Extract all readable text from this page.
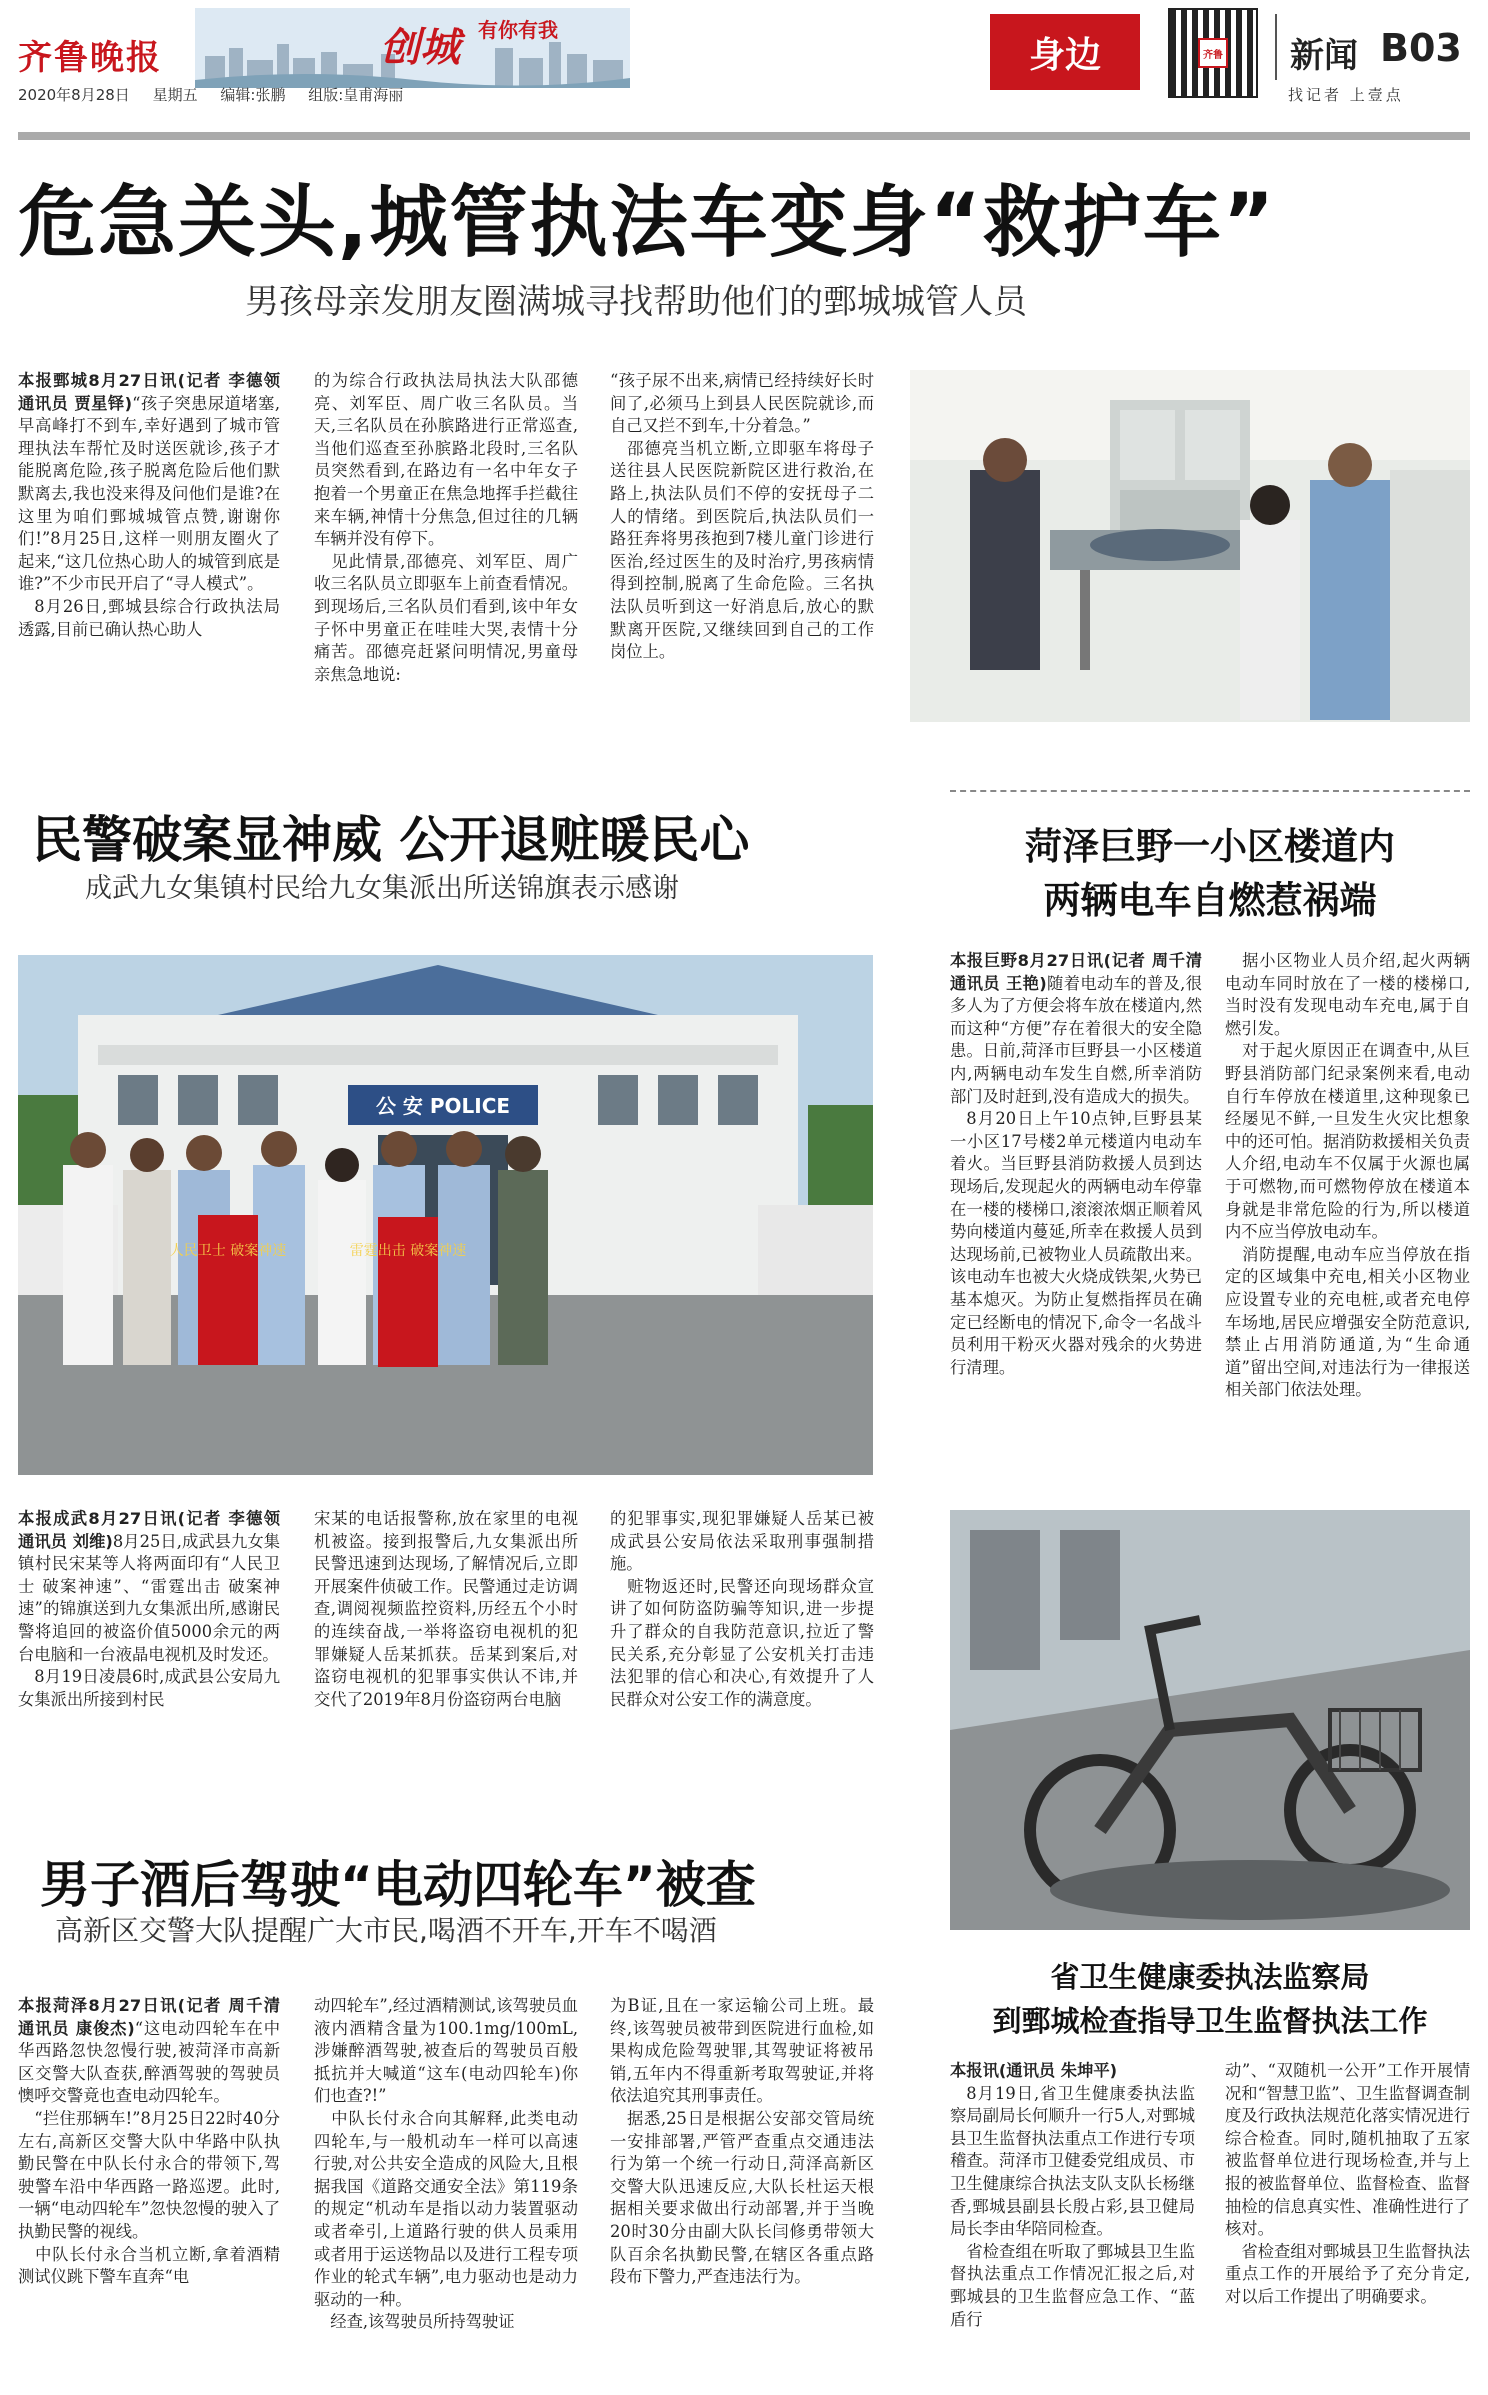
齐鲁晚报	创城 有你有我
2020年8月28日 星期五 编辑:张鹏 组版:皇甫海丽
身边	齐鲁 新闻 B03
找记者 上壹点
危急关头,城管执法车变身“救护车”
男孩母亲发朋友圈满城寻找帮助他们的鄄城城管人员
本报鄄城8月27日讯(记者 李德领 通讯员 贾星铎)“孩子突患尿道堵塞,早高峰打不到车,幸好遇到了城市管理执法车帮忙及时送医就诊,孩子才能脱离危险,孩子脱离危险后他们默默离去,我也没来得及问他们是谁?在这里为咱们鄄城城管点赞,谢谢你们!”8月25日,这样一则朋友圈火了起来,“这几位热心助人的城管到底是谁?”不少市民开启了“寻人模式”。
 8月26日,鄄城县综合行政执法局透露,目前已确认热心助人
的为综合行政执法局执法大队邵德亮、刘军臣、周广收三名队员。当天,三名队员在孙膑路进行正常巡查,当他们巡查至孙膑路北段时,三名队员突然看到,在路边有一名中年女子抱着一个男童正在焦急地挥手拦截往来车辆,神情十分焦急,但过往的几辆车辆并没有停下。
 见此情景,邵德亮、刘军臣、周广收三名队员立即驱车上前查看情况。到现场后,三名队员们看到,该中年女子怀中男童正在哇哇大哭,表情十分痛苦。邵德亮赶紧问明情况,男童母亲焦急地说:
“孩子尿不出来,病情已经持续好长时间了,必须马上到县人民医院就诊,而自己又拦不到车,十分着急。”
 邵德亮当机立断,立即驱车将母子送往县人民医院新院区进行救治,在路上,执法队员们不停的安抚母子二人的情绪。到医院后,执法队员们一路狂奔将男孩抱到7楼儿童门诊进行医治,经过医生的及时治疗,男孩病情得到控制,脱离了生命危险。三名执法队员听到这一好消息后,放心的默默离开医院,又继续回到自己的工作岗位上。
民警破案显神威 公开退赃暖民心
成武九女集镇村民给九女集派出所送锦旗表示感谢
公 安 POLICE
人民卫士 破案神速	雷霆出击 破案神速
本报成武8月27日讯(记者 李德领 通讯员 刘维)8月25日,成武县九女集镇村民宋某等人将两面印有“人民卫士 破案神速”、“雷霆出击 破案神速”的锦旗送到九女集派出所,感谢民警将追回的被盗价值5000余元的两台电脑和一台液晶电视机及时发还。
 8月19日凌晨6时,成武县公安局九女集派出所接到村民
宋某的电话报警称,放在家里的电视机被盗。接到报警后,九女集派出所民警迅速到达现场,了解情况后,立即开展案件侦破工作。民警通过走访调查,调阅视频监控资料,历经五个小时的连续奋战,一举将盗窃电视机的犯罪嫌疑人岳某抓获。岳某到案后,对盗窃电视机的犯罪事实供认不讳,并交代了2019年8月份盗窃两台电脑
的犯罪事实,现犯罪嫌疑人岳某已被成武县公安局依法采取刑事强制措施。
 赃物返还时,民警还向现场群众宣讲了如何防盗防骗等知识,进一步提升了群众的自我防范意识,拉近了警民关系,充分彰显了公安机关打击违法犯罪的信心和决心,有效提升了人民群众对公安工作的满意度。
菏泽巨野一小区楼道内
两辆电车自燃惹祸端
本报巨野8月27日讯(记者 周千清 通讯员 王艳)随着电动车的普及,很多人为了方便会将车放在楼道内,然而这种“方便”存在着很大的安全隐患。日前,菏泽市巨野县一小区楼道内,两辆电动车发生自燃,所幸消防部门及时赶到,没有造成大的损失。
 8月20日上午10点钟,巨野县某一小区17号楼2单元楼道内电动车着火。当巨野县消防救援人员到达现场后,发现起火的两辆电动车停靠在一楼的楼梯口,滚滚浓烟正顺着风势向楼道内蔓延,所幸在救援人员到达现场前,已被物业人员疏散出来。该电动车也被大火烧成铁架,火势已基本熄灭。为防止复燃指挥员在确定已经断电的情况下,命令一名战斗员利用干粉灭火器对残余的火势进行清理。
 据小区物业人员介绍,起火两辆电动车同时放在了一楼的楼梯口,当时没有发现电动车充电,属于自燃引发。
 对于起火原因正在调查中,从巨野县消防部门纪录案例来看,电动自行车停放在楼道里,这种现象已经屡见不鲜,一旦发生火灾比想象中的还可怕。据消防救援相关负责人介绍,电动车不仅属于火源也属于可燃物,而可燃物停放在楼道本身就是非常危险的行为,所以楼道内不应当停放电动车。
 消防提醒,电动车应当停放在指定的区域集中充电,相关小区物业应设置专业的充电桩,或者充电停车场地,居民应增强安全防范意识,禁止占用消防通道,为“生命通道”留出空间,对违法行为一律报送相关部门依法处理。
男子酒后驾驶“电动四轮车”被查
高新区交警大队提醒广大市民,喝酒不开车,开车不喝酒
本报菏泽8月27日讯(记者 周千清 通讯员 康俊杰)“这电动四轮车在中华西路忽快忽慢行驶,被菏泽市高新区交警大队查获,醉酒驾驶的驾驶员懊呼交警竟也查电动四轮车。
 “拦住那辆车!”8月25日22时40分左右,高新区交警大队中华路中队执勤民警在中队长付永合的带领下,驾驶警车沿中华西路一路巡逻。此时,一辆“电动四轮车”忽快忽慢的驶入了执勤民警的视线。
 中队长付永合当机立断,拿着酒精测试仪跳下警车直奔“电
动四轮车”,经过酒精测试,该驾驶员血液内酒精含量为100.1mg/100mL,涉嫌醉酒驾驶,被查后的驾驶员百般抵抗并大喊道“这车(电动四轮车)你们也查?!”
 中队长付永合向其解释,此类电动四轮车,与一般机动车一样可以高速行驶,对公共安全造成的风险大,且根据我国《道路交通安全法》第119条的规定“机动车是指以动力装置驱动或者牵引,上道路行驶的供人员乘用或者用于运送物品以及进行工程专项作业的轮式车辆”,电力驱动也是动力驱动的一种。
 经查,该驾驶员所持驾驶证
为B证,且在一家运输公司上班。最终,该驾驶员被带到医院进行血检,如果构成危险驾驶罪,其驾驶证将被吊销,五年内不得重新考取驾驶证,并将依法追究其刑事责任。
 据悉,25日是根据公安部交管局统一安排部署,严管严查重点交通违法行为第一个统一行动日,菏泽高新区交警大队迅速反应,大队长杜运天根据相关要求做出行动部署,并于当晚20时30分由副大队长闫修勇带领大队百余名执勤民警,在辖区各重点路段布下警力,严查违法行为。
省卫生健康委执法监察局
到鄄城检查指导卫生监督执法工作
本报讯(通讯员 朱坤平)
 8月19日,省卫生健康委执法监察局副局长何顺升一行5人,对鄄城县卫生监督执法重点工作进行专项稽查。菏泽市卫健委党组成员、市卫生健康综合执法支队支队长杨继香,鄄城县副县长殷占彩,县卫健局局长李由华陪同检查。
 省检查组在听取了鄄城县卫生监督执法重点工作情况汇报之后,对鄄城县的卫生监督应急工作、“蓝盾行
动”、“双随机一公开”工作开展情况和“智慧卫监”、卫生监督调查制度及行政执法规范化落实情况进行综合检查。同时,随机抽取了五家被监督单位进行现场检查,并与上报的被监督单位、监督检查、监督抽检的信息真实性、准确性进行了核对。
 省检查组对鄄城县卫生监督执法重点工作的开展给予了充分肯定,对以后工作提出了明确要求。
